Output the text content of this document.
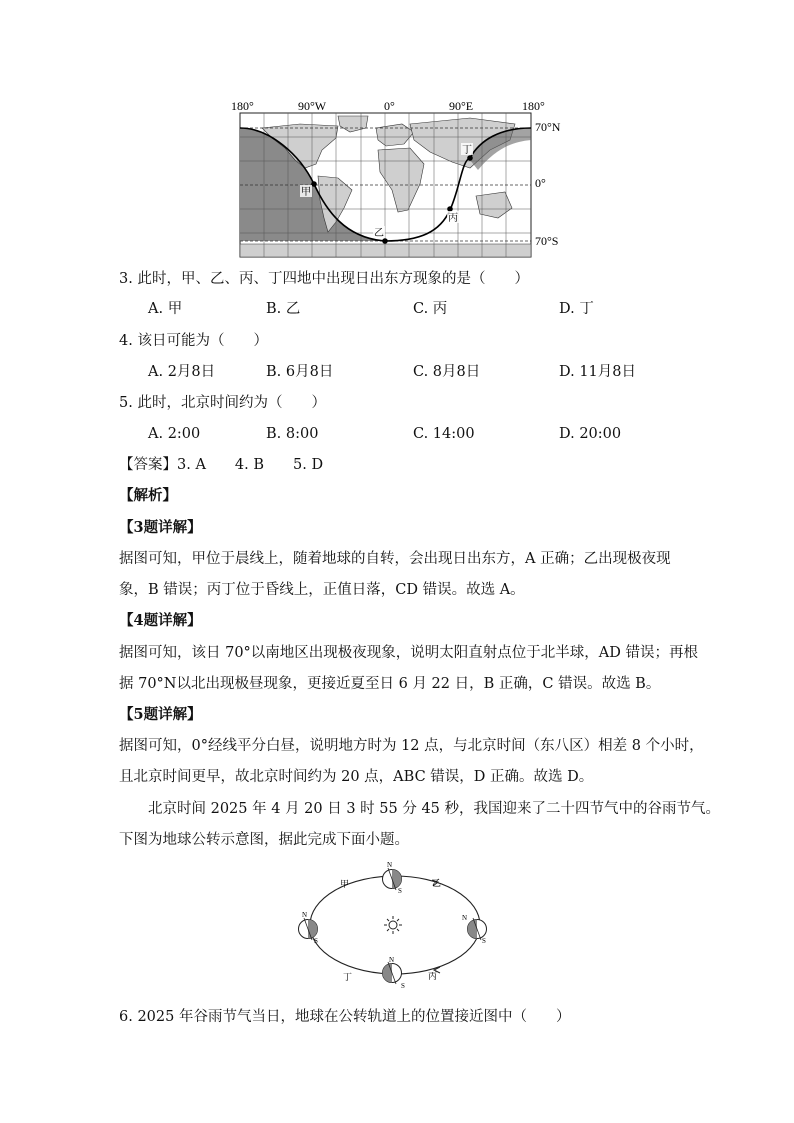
180°	90°W	0°	90°E	180°
70°N
0°
70°S
甲
乙
丙
丁
3. 此时，甲、乙、丙、丁四地中出现日出东方现象的是（　　）
A. 甲	B. 乙	C. 丙	D. 丁
4. 该日可能为（　　）
A. 2月8日	B. 6月8日	C. 8月8日	D. 11月8日
5. 此时，北京时间约为（　　）
A. 2:00	B. 8:00	C. 14:00	D. 20:00
【答案】3. A　　4. B　　5. D
【解析】
【3题详解】
据图可知，甲位于晨线上，随着地球的自转，会出现日出东方，A 正确；乙出现极夜现
象，B 错误；丙丁位于昏线上，正值日落，CD 错误。故选 A。
【4题详解】
据图可知，该日 70°以南地区出现极夜现象，说明太阳直射点位于北半球，AD 错误；再根
据 70°N以北出现极昼现象，更接近夏至日 6 月 22 日，B 正确，C 错误。故选 B。
【5题详解】
据图可知，0°经线平分白昼，说明地方时为 12 点，与北京时间（东八区）相差 8 个小时，
且北京时间更早，故北京时间约为 20 点，ABC 错误，D 正确。故选 D。
北京时间 2025 年 4 月 20 日 3 时 55 分 45 秒，我国迎来了二十四节气中的谷雨节气。
下图为地球公转示意图，据此完成下面小题。
N
S
N
S
N
S
N
S
甲	乙
丙
丁
6. 2025 年谷雨节气当日，地球在公转轨道上的位置接近图中（　　）
